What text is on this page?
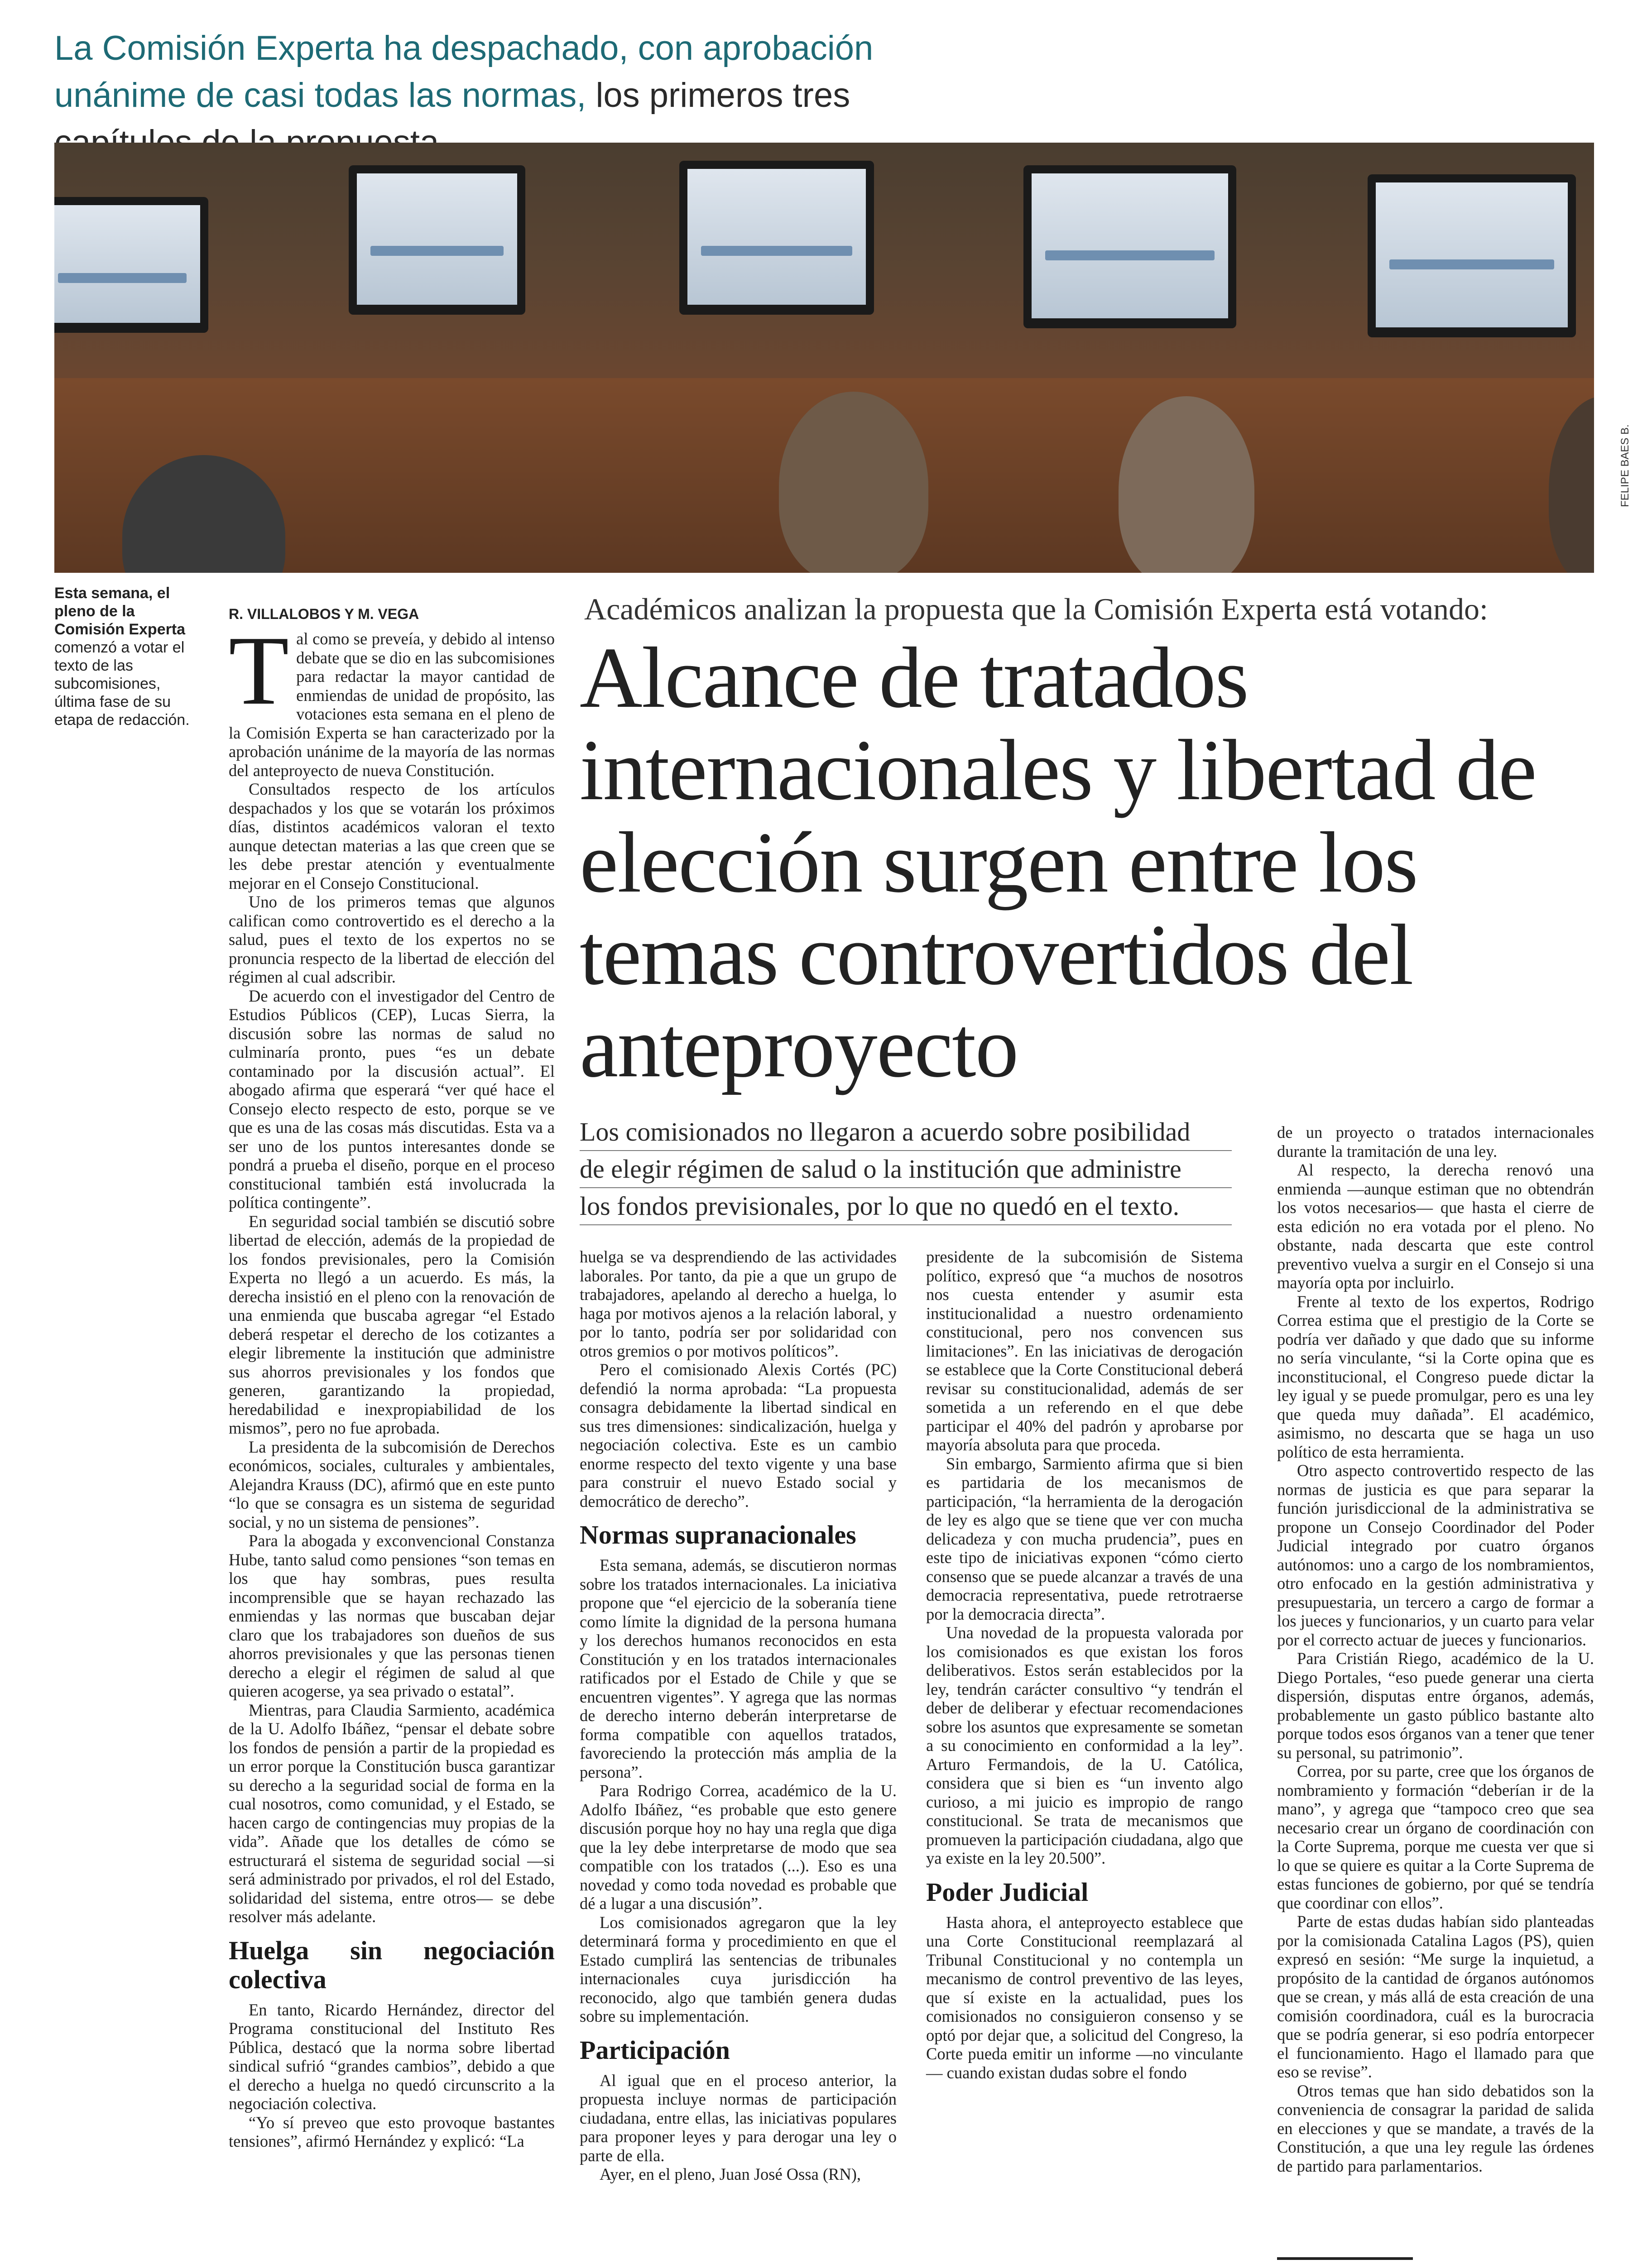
La Comisión Experta ha despachado, con aprobación unánime de casi todas las normas, los primeros tres
FELIPE BAES B.
Esta semana, el pleno de la Comisión Experta comenzó a votar el texto de las subcomisiones, última fase de su etapa de redacción.
R. VILLALOBOS Y M. VEGA	Académicos analizan la propuesta que la Comisión Experta está votando:
Alcance de tratados internacionales y libertad de elección surgen entre los temas controvertidos del anteproyecto
Los comisionados no llegaron a acuerdo sobre posibilidad
de elegir régimen de salud o la institución que administre
los fondos previsionales, por lo que no quedó en el texto.
T al como se preveía, y debido al intenso debate que se dio en las subcomisiones para redactar la mayor cantidad de enmiendas de unidad de propósito, las votaciones esta semana en el pleno de la Comisión Experta se han caracterizado por la aprobación unánime de la mayoría de las normas del anteproyecto de nueva Constitución.

Consultados respecto de los artículos despachados y los que se votarán los próximos días, distintos académicos valoran el texto aunque detectan materias a las que creen que se les debe prestar atención y eventualmente mejorar en el Consejo Constitucional.

Uno de los primeros temas que algunos califican como controvertido es el derecho a la salud, pues el texto de los expertos no se pronuncia respecto de la libertad de elección del régimen al cual adscribir.

De acuerdo con el investigador del Centro de Estudios Públicos (CEP), Lucas Sierra, la discusión sobre las normas de salud no culminaría pronto, pues “es un debate contaminado por la discusión actual”. El abogado afirma que esperará “ver qué hace el Consejo electo respecto de esto, porque se ve que es una de las cosas más discutidas. Esta va a ser uno de los puntos interesantes donde se pondrá a prueba el diseño, porque en el proceso constitucional también está involucrada la política contingente”.

En seguridad social también se discutió sobre libertad de elección, además de la propiedad de los fondos previsionales, pero la Comisión Experta no llegó a un acuerdo. Es más, la derecha insistió en el pleno con la renovación de una enmienda que buscaba agregar “el Estado deberá respetar el derecho de los cotizantes a elegir libremente la institución que administre sus ahorros previsionales y los fondos que generen, garantizando la propiedad, heredabilidad e inexpropiabilidad de los mismos”, pero no fue aprobada.

La presidenta de la subcomisión de Derechos económicos, sociales, culturales y ambientales, Alejandra Krauss (DC), afirmó que en este punto “lo que se consagra es un sistema de seguridad social, y no un sistema de pensiones”.

Para la abogada y exconvencional Constanza Hube, tanto salud como pensiones “son temas en los que hay sombras, pues resulta incomprensible que se hayan rechazado las enmiendas y las normas que buscaban dejar claro que los trabajadores son dueños de sus ahorros previsionales y que las personas tienen derecho a elegir el régimen de salud al que quieren acogerse, ya sea privado o estatal”.

Mientras, para Claudia Sarmiento, académica de la U. Adolfo Ibáñez, “pensar el debate sobre los fondos de pensión a partir de la propiedad es un error porque la Constitución busca garantizar su derecho a la seguridad social de forma en la cual nosotros, como comunidad, y el Estado, se hacen cargo de contingencias muy propias de la vida”. Añade que los detalles de cómo se estructurará el sistema de seguridad social —si será administrado por privados, el rol del Estado, solidaridad del sistema, entre otros— se debe resolver más adelante.

Huelga sin negociación colectiva

En tanto, Ricardo Hernández, director del Programa constitucional del Instituto Res Pública, destacó que la norma sobre libertad sindical sufrió “grandes cambios”, debido a que el derecho a huelga no quedó circunscrito a la negociación colectiva.

“Yo sí preveo que esto provoque bastantes tensiones”, afirmó Hernández y explicó: “La

huelga se va desprendiendo de las actividades laborales. Por tanto, da pie a que un grupo de trabajadores, apelando al derecho a huelga, lo haga por motivos ajenos a la relación laboral, y por lo tanto, podría ser por solidaridad con otros gremios o por motivos políticos”.

Pero el comisionado Alexis Cortés (PC) defendió la norma aprobada: “La propuesta consagra debidamente la libertad sindical en sus tres dimensiones: sindicalización, huelga y negociación colectiva. Este es un cambio enorme respecto del texto vigente y una base para construir el nuevo Estado social y democrático de derecho”.

Normas supranacionales

Esta semana, además, se discutieron normas sobre los tratados internacionales. La iniciativa propone que “el ejercicio de la soberanía tiene como límite la dignidad de la persona humana y los derechos humanos reconocidos en esta Constitución y en los tratados internacionales ratificados por el Estado de Chile y que se encuentren vigentes”. Y agrega que las normas de derecho interno deberán interpretarse de forma compatible con aquellos tratados, favoreciendo la protección más amplia de la persona”.

Para Rodrigo Correa, académico de la U. Adolfo Ibáñez, “es probable que esto genere discusión porque hoy no hay una regla que diga que la ley debe interpretarse de modo que sea compatible con los tratados (...). Eso es una novedad y como toda novedad es probable que dé a lugar a una discusión”.

Los comisionados agregaron que la ley determinará forma y procedimiento en que el Estado cumplirá las sentencias de tribunales internacionales cuya jurisdicción ha reconocido, algo que también genera dudas sobre su implementación.

Participación

Al igual que en el proceso anterior, la propuesta incluye normas de participación ciudadana, entre ellas, las iniciativas populares para proponer leyes y para derogar una ley o parte de ella.

Ayer, en el pleno, Juan José Ossa (RN),

presidente de la subcomisión de Sistema político, expresó que “a muchos de nosotros nos cuesta entender y asumir esta institucionalidad a nuestro ordenamiento constitucional, pero nos convencen sus limitaciones”. En las iniciativas de derogación se establece que la Corte Constitucional deberá revisar su constitucionalidad, además de ser sometida a un referendo en el que debe participar el 40% del padrón y aprobarse por mayoría absoluta para que proceda.

Sin embargo, Sarmiento afirma que si bien es partidaria de los mecanismos de participación, “la herramienta de la derogación de ley es algo que se tiene que ver con mucha delicadeza y con mucha prudencia”, pues en este tipo de iniciativas exponen “cómo cierto consenso que se puede alcanzar a través de una democracia representativa, puede retrotraerse por la democracia directa”.

Una novedad de la propuesta valorada por los comisionados es que existan los foros deliberativos. Estos serán establecidos por la ley, tendrán carácter consultivo “y tendrán el deber de deliberar y efectuar recomendaciones sobre los asuntos que expresamente se sometan a su conocimiento en conformidad a la ley”. Arturo Fermandois, de la U. Católica, considera que si bien es “un invento algo curioso, a mi juicio es impropio de rango constitucional. Se trata de mecanismos que promueven la participación ciudadana, algo que ya existe en la ley 20.500”.

Poder Judicial

Hasta ahora, el anteproyecto establece que una Corte Constitucional reemplazará al Tribunal Constitucional y no contempla un mecanismo de control preventivo de las leyes, que sí existe en la actualidad, pues los comisionados no consiguieron consenso y se optó por dejar que, a solicitud del Congreso, la Corte pueda emitir un informe —no vinculante— cuando existan dudas sobre el fondo

de un proyecto o tratados internacionales durante la tramitación de una ley.

Al respecto, la derecha renovó una enmienda —aunque estiman que no obtendrán los votos necesarios— que hasta el cierre de esta edición no era votada por el pleno. No obstante, nada descarta que este control preventivo vuelva a surgir en el Consejo si una mayoría opta por incluirlo.

Frente al texto de los expertos, Rodrigo Correa estima que el prestigio de la Corte se podría ver dañado y que dado que su informe no sería vinculante, “si la Corte opina que es inconstitucional, el Congreso puede dictar la ley igual y se puede promulgar, pero es una ley que queda muy dañada”. El académico, asimismo, no descarta que se haga un uso político de esta herramienta.

Otro aspecto controvertido respecto de las normas de justicia es que para separar la función jurisdiccional de la administrativa se propone un Consejo Coordinador del Poder Judicial integrado por cuatro órganos autónomos: uno a cargo de los nombramientos, otro enfocado en la gestión administrativa y presupuestaria, un tercero a cargo de formar a los jueces y funcionarios, y un cuarto para velar por el correcto actuar de jueces y funcionarios.

Para Cristián Riego, académico de la U. Diego Portales, “eso puede generar una cierta dispersión, disputas entre órganos, además, probablemente un gasto público bastante alto porque todos esos órganos van a tener que tener su personal, su patrimonio”.

Correa, por su parte, cree que los órganos de nombramiento y formación “deberían ir de la mano”, y agrega que “tampoco creo que sea necesario crear un órgano de coordinación con la Corte Suprema, porque me cuesta ver que si lo que se quiere es quitar a la Corte Suprema de estas funciones de gobierno, por qué se tendría que coordinar con ellos”.

Parte de estas dudas habían sido planteadas por la comisionada Catalina Lagos (PS), quien expresó en sesión: “Me surge la inquietud, a propósito de la cantidad de órganos autónomos que se crean, y más allá de esta creación de una comisión coordinadora, cuál es la burocracia que se podría generar, si eso podría entorpecer el funcionamiento. Hago el llamado para que eso se revise”.

Otros temas que han sido debatidos son la conveniencia de consagrar la paridad de salida en elecciones y que se mandate, a través de la Constitución, a que una ley regule las órdenes de partido para parlamentarios.
